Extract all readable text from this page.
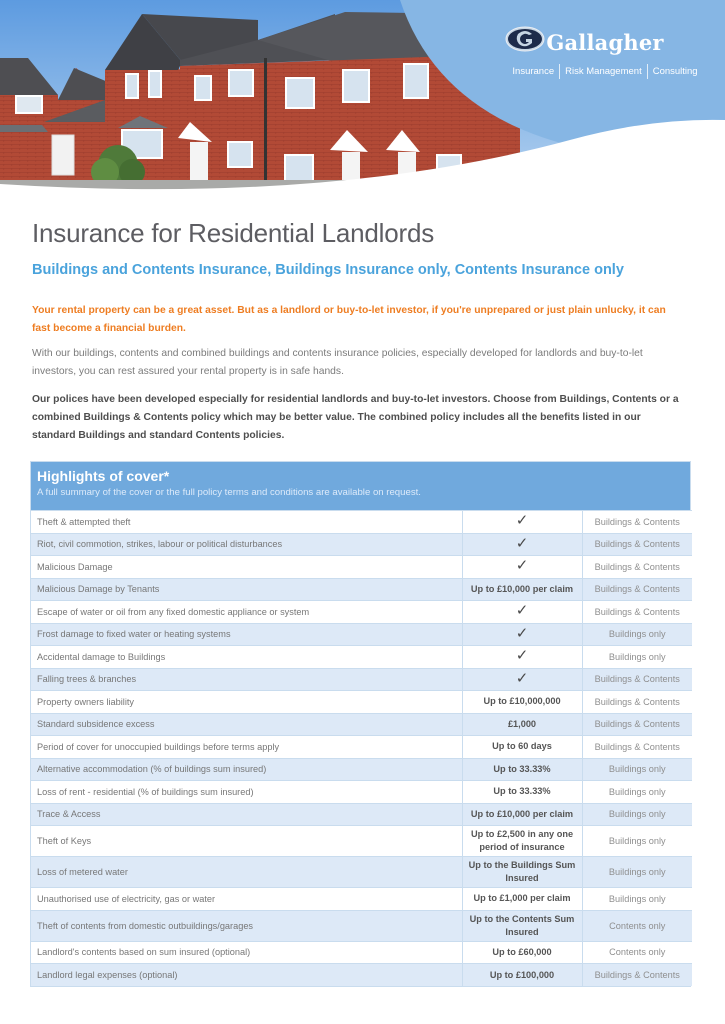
Gallagher
Insurance	Risk Management	Consulting
Insurance for Residential Landlords
Buildings and Contents Insurance, Buildings Insurance only, Contents Insurance only

Your rental property can be a great asset. But as a landlord or buy-to-let investor, if you're unprepared or just plain unlucky, it can fast become a financial burden.

With our buildings, contents and combined buildings and contents insurance policies, especially developed for landlords and buy-to-let investors, you can rest assured your rental property is in safe hands.

Our polices have been developed especially for residential landlords and buy-to-let investors. Choose from Buildings, Contents or a combined Buildings & Contents policy which may be better value. The combined policy includes all the benefits listed in our standard Buildings and standard Contents policies.

Highlights of cover*
A full summary of the cover or the full policy terms and conditions are available on request.
Theft & attempted theft	✓	Buildings & Contents
Riot, civil commotion, strikes, labour or political disturbances	✓	Buildings & Contents
Malicious Damage	✓	Buildings & Contents
Malicious Damage by Tenants	Up to £10,000 per claim	Buildings & Contents
Escape of water or oil from any fixed domestic appliance or system	✓	Buildings & Contents
Frost damage to fixed water or heating systems	✓	Buildings only
Accidental damage to Buildings	✓	Buildings only
Falling trees & branches	✓	Buildings & Contents
Property owners liability	Up to £10,000,000	Buildings & Contents
Standard subsidence excess	£1,000	Buildings & Contents
Period of cover for unoccupied buildings before terms apply	Up to 60 days	Buildings & Contents
Alternative accommodation (% of buildings sum insured)	Up to 33.33%	Buildings only
Loss of rent - residential (% of buildings sum insured)	Up to 33.33%	Buildings only
Trace & Access	Up to £10,000 per claim	Buildings only
Theft of Keys	Up to £2,500 in any one period of insurance	Buildings only
Loss of metered water	Up to the Buildings Sum Insured	Buildings only
Unauthorised use of electricity, gas or water	Up to £1,000 per claim	Buildings only
Theft of contents from domestic outbuildings/garages	Up to the Contents Sum Insured	Contents only
Landlord's contents based on sum insured (optional)	Up to £60,000	Contents only
Landlord legal expenses (optional)	Up to £100,000	Buildings & Contents
